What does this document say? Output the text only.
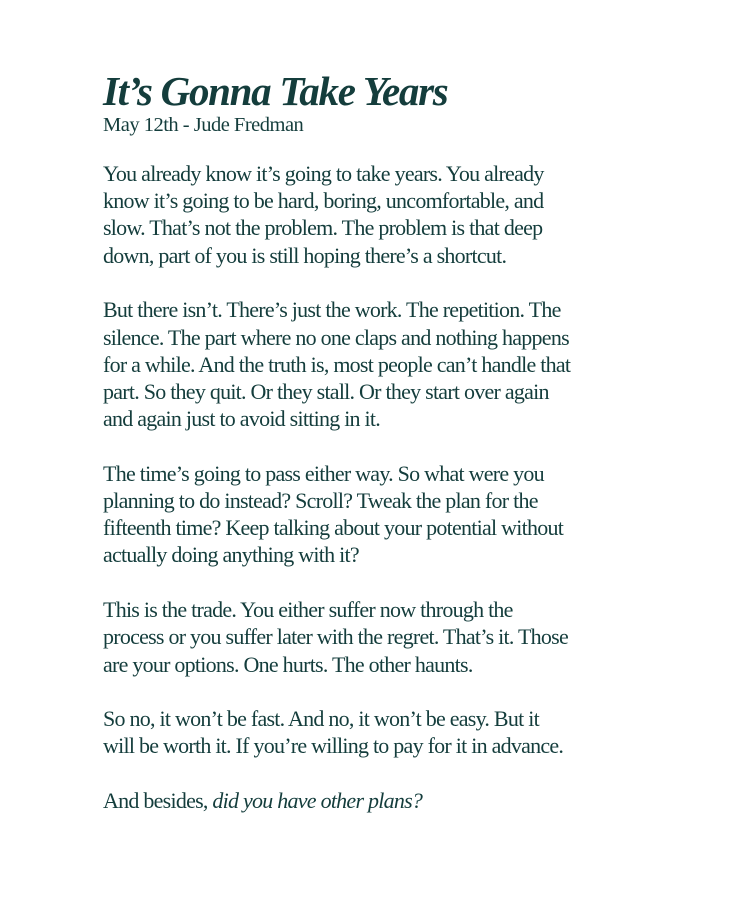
It’s Gonna Take Years
May 12th - Jude Fredman

You already know it’s going to take years. You already
know it’s going to be hard, boring, uncomfortable, and
slow. That’s not the problem. The problem is that deep
down, part of you is still hoping there’s a shortcut.

But there isn’t. There’s just the work. The repetition. The
silence. The part where no one claps and nothing happens
for a while. And the truth is, most people can’t handle that
part. So they quit. Or they stall. Or they start over again
and again just to avoid sitting in it.

The time’s going to pass either way. So what were you
planning to do instead? Scroll? Tweak the plan for the
fifteenth time? Keep talking about your potential without
actually doing anything with it?

This is the trade. You either suffer now through the
process or you suffer later with the regret. That’s it. Those
are your options. One hurts. The other haunts.

So no, it won’t be fast. And no, it won’t be easy. But it
will be worth it. If you’re willing to pay for it in advance.

And besides, did you have other plans?
